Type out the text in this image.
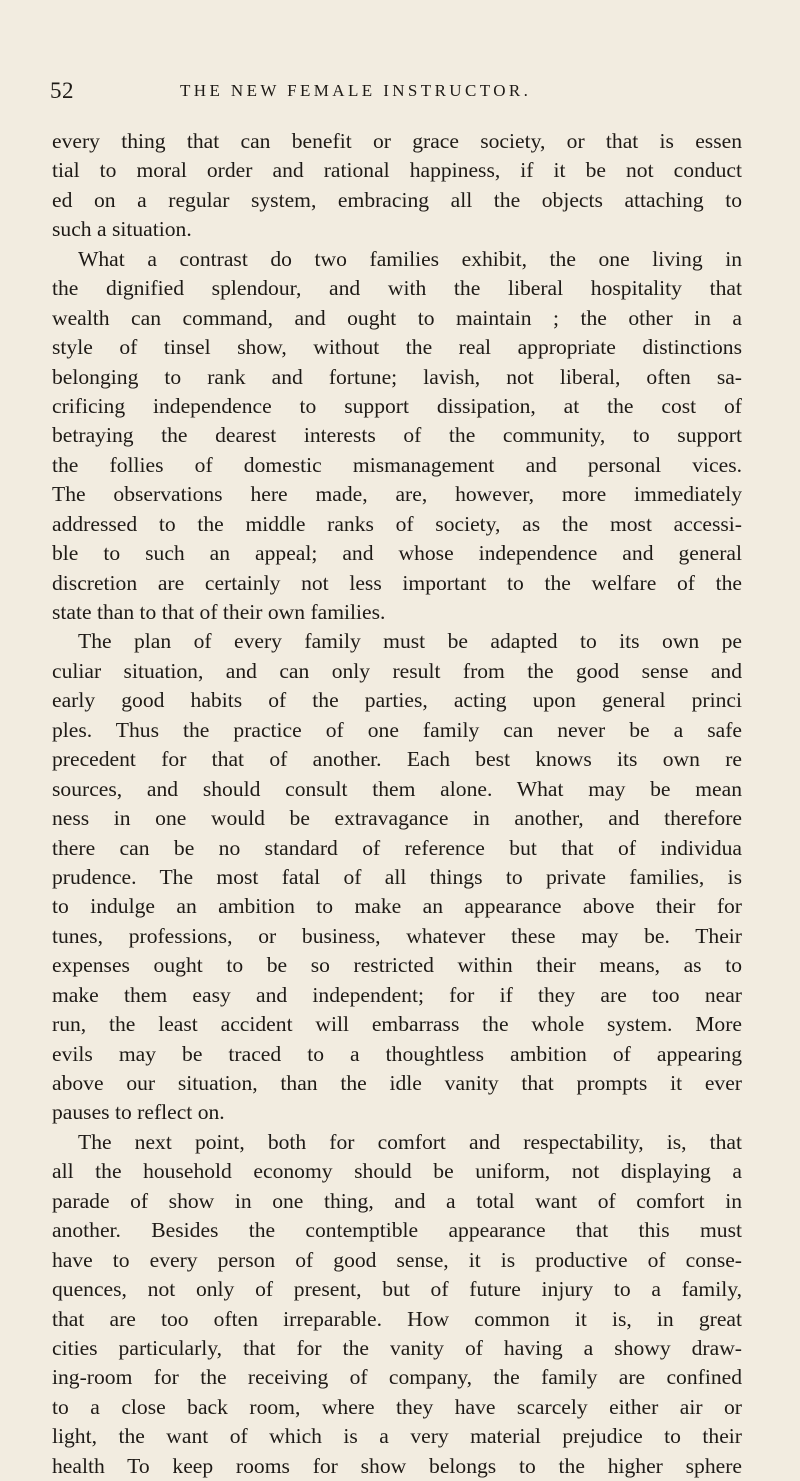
52	THE NEW FEMALE INSTRUCTOR.
every thing that can benefit or grace society, or that is essen
tial to moral order and rational happiness, if it be not conduct
ed on a regular system, embracing all the objects attaching to
such a situation.
What a contrast do two families exhibit, the one living in
the dignified splendour, and with the liberal hospitality that
wealth can command, and ought to maintain ; the other in a
style of tinsel show, without the real appropriate distinctions
belonging to rank and fortune; lavish, not liberal, often sa-
crificing independence to support dissipation, at the cost of
betraying the dearest interests of the community, to support
the follies of domestic mismanagement and personal vices.
The observations here made, are, however, more immediately
addressed to the middle ranks of society, as the most accessi-
ble to such an appeal; and whose independence and general
discretion are certainly not less important to the welfare of the
state than to that of their own families.
The plan of every family must be adapted to its own pe
culiar situation, and can only result from the good sense and
early good habits of the parties, acting upon general princi
ples. Thus the practice of one family can never be a safe
precedent for that of another. Each best knows its own re
sources, and should consult them alone. What may be mean
ness in one would be extravagance in another, and therefore
there can be no standard of reference but that of individua
prudence. The most fatal of all things to private families, is
to indulge an ambition to make an appearance above their for
tunes, professions, or business, whatever these may be. Their
expenses ought to be so restricted within their means, as to
make them easy and independent; for if they are too near
run, the least accident will embarrass the whole system. More
evils may be traced to a thoughtless ambition of appearing
above our situation, than the idle vanity that prompts it ever
pauses to reflect on.
The next point, both for comfort and respectability, is, that
all the household economy should be uniform, not displaying a
parade of show in one thing, and a total want of comfort in
another. Besides the contemptible appearance that this must
have to every person of good sense, it is productive of conse-
quences, not only of present, but of future injury to a family,
that are too often irreparable. How common it is, in great
cities particularly, that for the vanity of having a showy draw-
ing-room for the receiving of company, the family are confined
to a close back room, where they have scarcely either air or
light, the want of which is a very material prejudice to their
health To keep rooms for show belongs to the higher sphere
